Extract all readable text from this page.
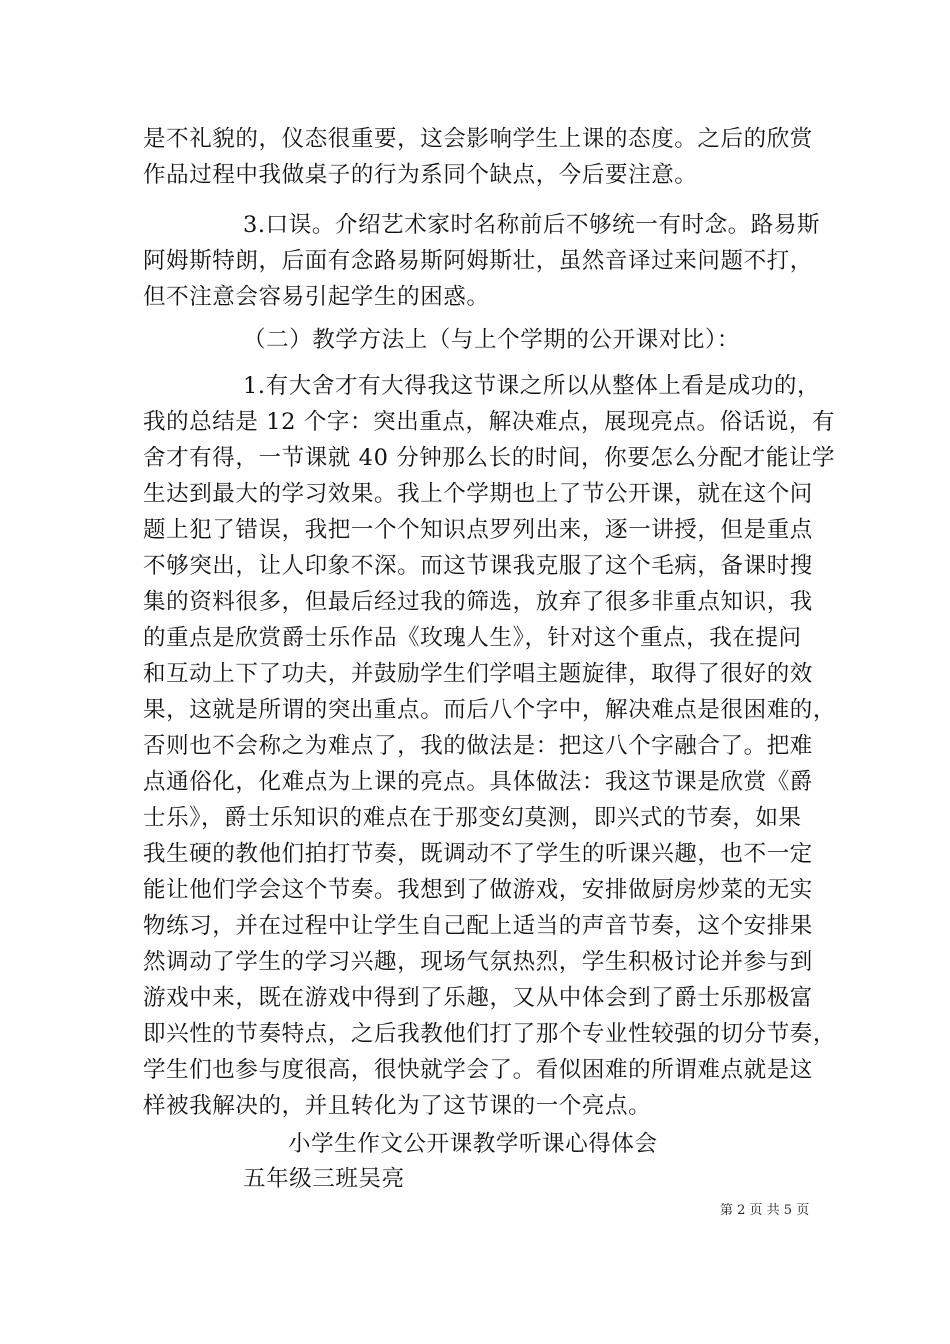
是不礼貌的，仪态很重要，这会影响学生上课的态度。之后的欣赏
作品过程中我做桌子的行为系同个缺点，今后要注意。
3.口误。介绍艺术家时名称前后不够统一有时念。路易斯
阿姆斯特朗，后面有念路易斯阿姆斯壮，虽然音译过来问题不打，
但不注意会容易引起学生的困惑。
（二）教学方法上（与上个学期的公开课对比）：
1.有大舍才有大得我这节课之所以从整体上看是成功的，
我的总结是 12 个字：突出重点，解决难点，展现亮点。俗话说，有
舍才有得，一节课就 40 分钟那么长的时间，你要怎么分配才能让学
生达到最大的学习效果。我上个学期也上了节公开课，就在这个问
题上犯了错误，我把一个个知识点罗列出来，逐一讲授，但是重点
不够突出，让人印象不深。而这节课我克服了这个毛病，备课时搜
集的资料很多，但最后经过我的筛选，放弃了很多非重点知识，我
的重点是欣赏爵士乐作品《玫瑰人生》，针对这个重点，我在提问
和互动上下了功夫，并鼓励学生们学唱主题旋律，取得了很好的效
果，这就是所谓的突出重点。而后八个字中，解决难点是很困难的，
否则也不会称之为难点了，我的做法是：把这八个字融合了。把难
点通俗化，化难点为上课的亮点。具体做法：我这节课是欣赏《爵
士乐》，爵士乐知识的难点在于那变幻莫测，即兴式的节奏，如果
我生硬的教他们拍打节奏，既调动不了学生的听课兴趣，也不一定
能让他们学会这个节奏。我想到了做游戏，安排做厨房炒菜的无实
物练习，并在过程中让学生自己配上适当的声音节奏，这个安排果
然调动了学生的学习兴趣，现场气氛热烈，学生积极讨论并参与到
游戏中来，既在游戏中得到了乐趣，又从中体会到了爵士乐那极富
即兴性的节奏特点，之后我教他们打了那个专业性较强的切分节奏，
学生们也参与度很高，很快就学会了。看似困难的所谓难点就是这
样被我解决的，并且转化为了这节课的一个亮点。
小学生作文公开课教学听课心得体会
五年级三班吴亮
第 2 页 共 5 页
